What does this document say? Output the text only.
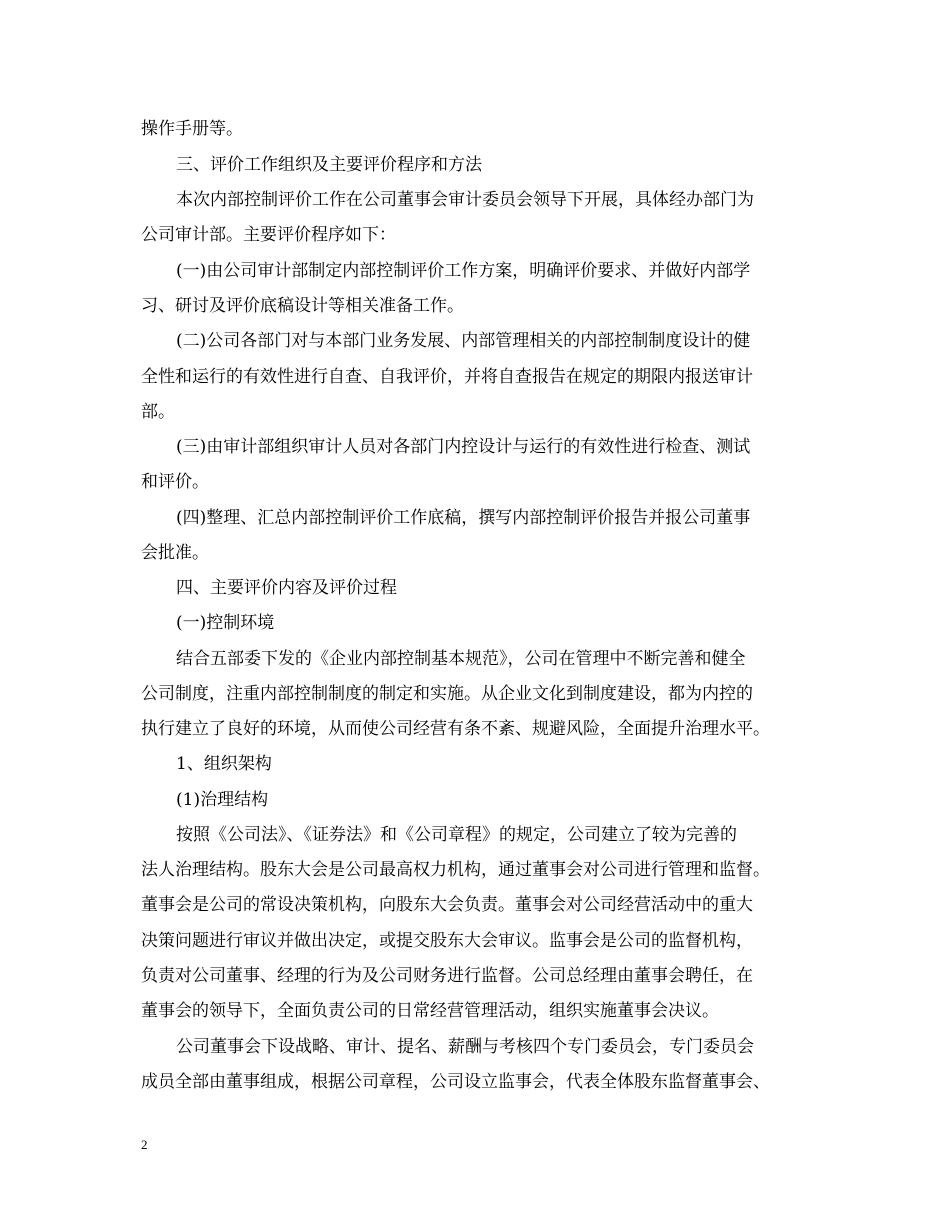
操作手册等。
三、评价工作组织及主要评价程序和方法
本次内部控制评价工作在公司董事会审计委员会领导下开展，具体经办部门为
公司审计部。主要评价程序如下：
(一)由公司审计部制定内部控制评价工作方案，明确评价要求、并做好内部学
习、研讨及评价底稿设计等相关准备工作。
(二)公司各部门对与本部门业务发展、内部管理相关的内部控制制度设计的健
全性和运行的有效性进行自查、自我评价，并将自查报告在规定的期限内报送审计
部。
(三)由审计部组织审计人员对各部门内控设计与运行的有效性进行检查、测试
和评价。
(四)整理、汇总内部控制评价工作底稿，撰写内部控制评价报告并报公司董事
会批准。
四、主要评价内容及评价过程
(一)控制环境
结合五部委下发的《企业内部控制基本规范》，公司在管理中不断完善和健全
公司制度，注重内部控制制度的制定和实施。从企业文化到制度建设，都为内控的
执行建立了良好的环境，从而使公司经营有条不紊、规避风险，全面提升治理水平。
1、组织架构
(1)治理结构
按照《公司法》、《证券法》和《公司章程》的规定，公司建立了较为完善的
法人治理结构。股东大会是公司最高权力机构，通过董事会对公司进行管理和监督。
董事会是公司的常设决策机构，向股东大会负责。董事会对公司经营活动中的重大
决策问题进行审议并做出决定，或提交股东大会审议。监事会是公司的监督机构，
负责对公司董事、经理的行为及公司财务进行监督。公司总经理由董事会聘任，在
董事会的领导下，全面负责公司的日常经营管理活动，组织实施董事会决议。
公司董事会下设战略、审计、提名、薪酬与考核四个专门委员会，专门委员会
成员全部由董事组成，根据公司章程，公司设立监事会，代表全体股东监督董事会、
2
